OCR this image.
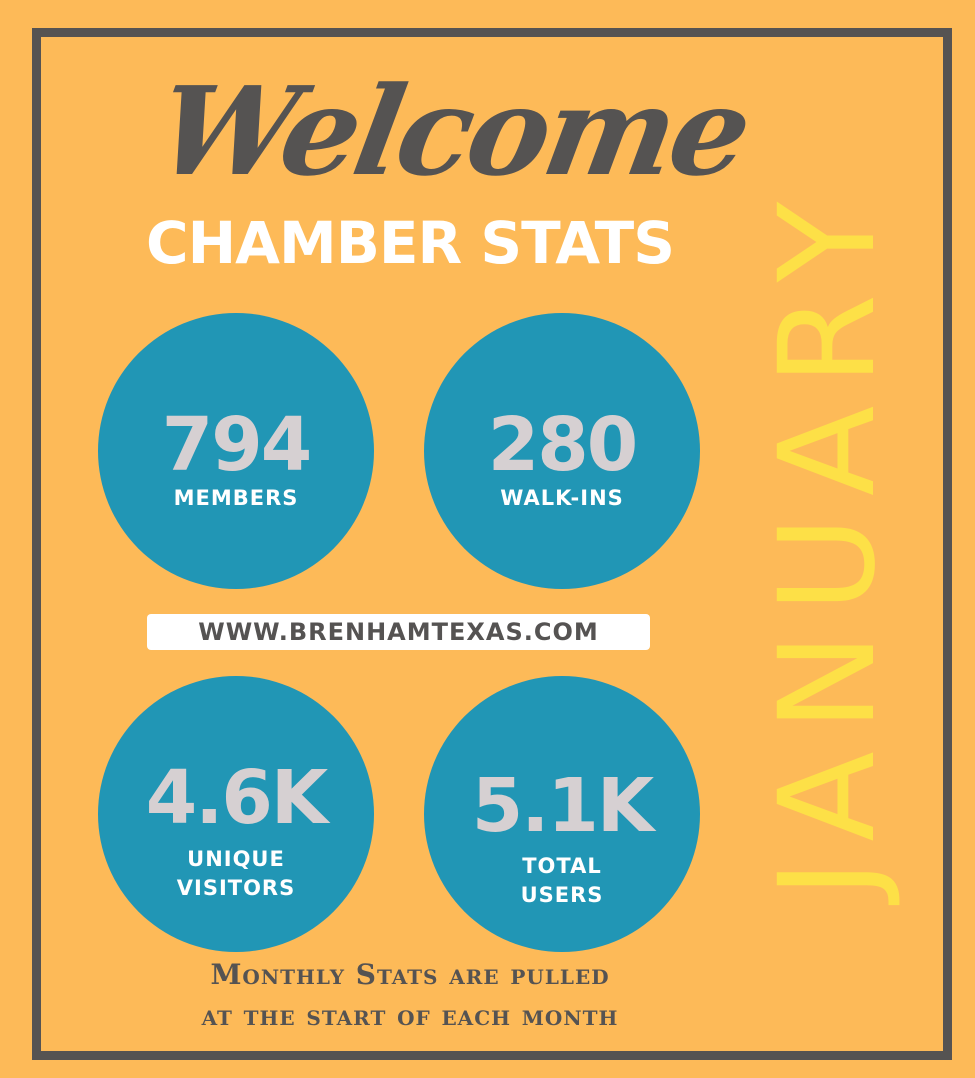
Welcome
CHAMBER STATS JANUARY
794
MEMBERS
280
WALK-INS
WWW.BRENHAMTEXAS.COM
4.6K
UNIQUE
VISITORS
5.1K
TOTAL
USERS
Monthly Stats are pulled
at the start of each month
